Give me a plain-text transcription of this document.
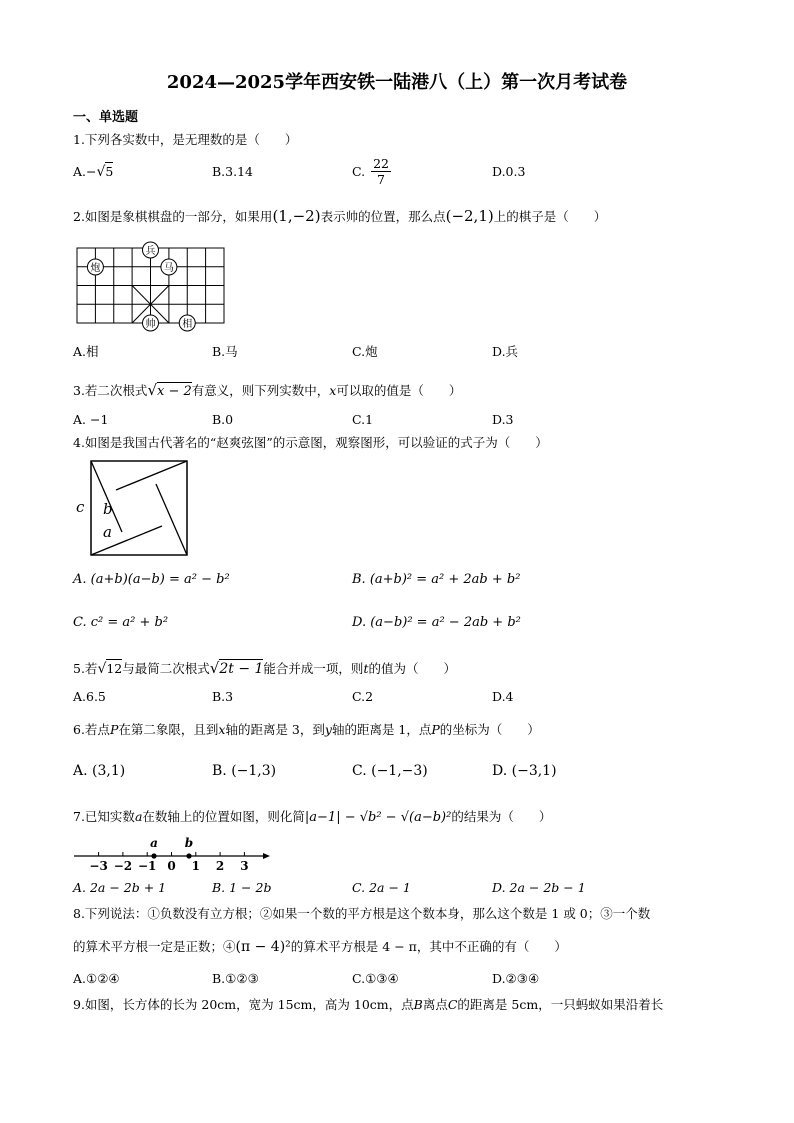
2024—2025学年西安铁一陆港八（上）第一次月考试卷
一、单选题
1.下列各实数中，是无理数的是（　　）
A.−√5	B.3.14	C. $\frac{22}{7}$	D.0.3
2.如图是象棋棋盘的一部分，如果用(1,−2)表示帅的位置，那么点(−2,1)上的棋子是（　　）
兵
炮	马
帅	相
A.相	B.马	C.炮	D.兵
3.若二次根式√x − 2有意义，则下列实数中，x可以取的值是（　　）
A. −1	B.0	C.1	D.3
4.如图是我国古代著名的“赵爽弦图”的示意图，观察图形，可以验证的式子为（　　）
c b
a
A. (a+b)(a−b) = a² − b²	B. (a+b)² = a² + 2ab + b²
C. c² = a² + b²	D. (a−b)² = a² − 2ab + b²
5.若√12与最简二次根式√2t − 1能合并成一项，则t的值为（　　）
A.6.5	B.3	C.2	D.4
6.若点P在第二象限，且到x轴的距离是 3，到y轴的距离是 1，点P的坐标为（　　）
A. (3,1)	B. (−1,3)	C. (−1,−3)	D. (−3,1)
7.已知实数a在数轴上的位置如图，则化简|a−1| − √b² − √(a−b)²的结果为（　　）
−3 −2 −1 0 1 2 3
a b
A. 2a − 2b + 1	B. 1 − 2b	C. 2a − 1	D. 2a − 2b − 1
8.下列说法：①负数没有立方根；②如果一个数的平方根是这个数本身，那么这个数是 1 或 0；③一个数
的算术平方根一定是正数；④(π − 4)²的算术平方根是 4 − π，其中不正确的有（　　）
A.①②④	B.①②③	C.①③④	D.②③④
9.如图，长方体的长为 20cm，宽为 15cm，高为 10cm，点B离点C的距离是 5cm，一只蚂蚁如果沿着长
